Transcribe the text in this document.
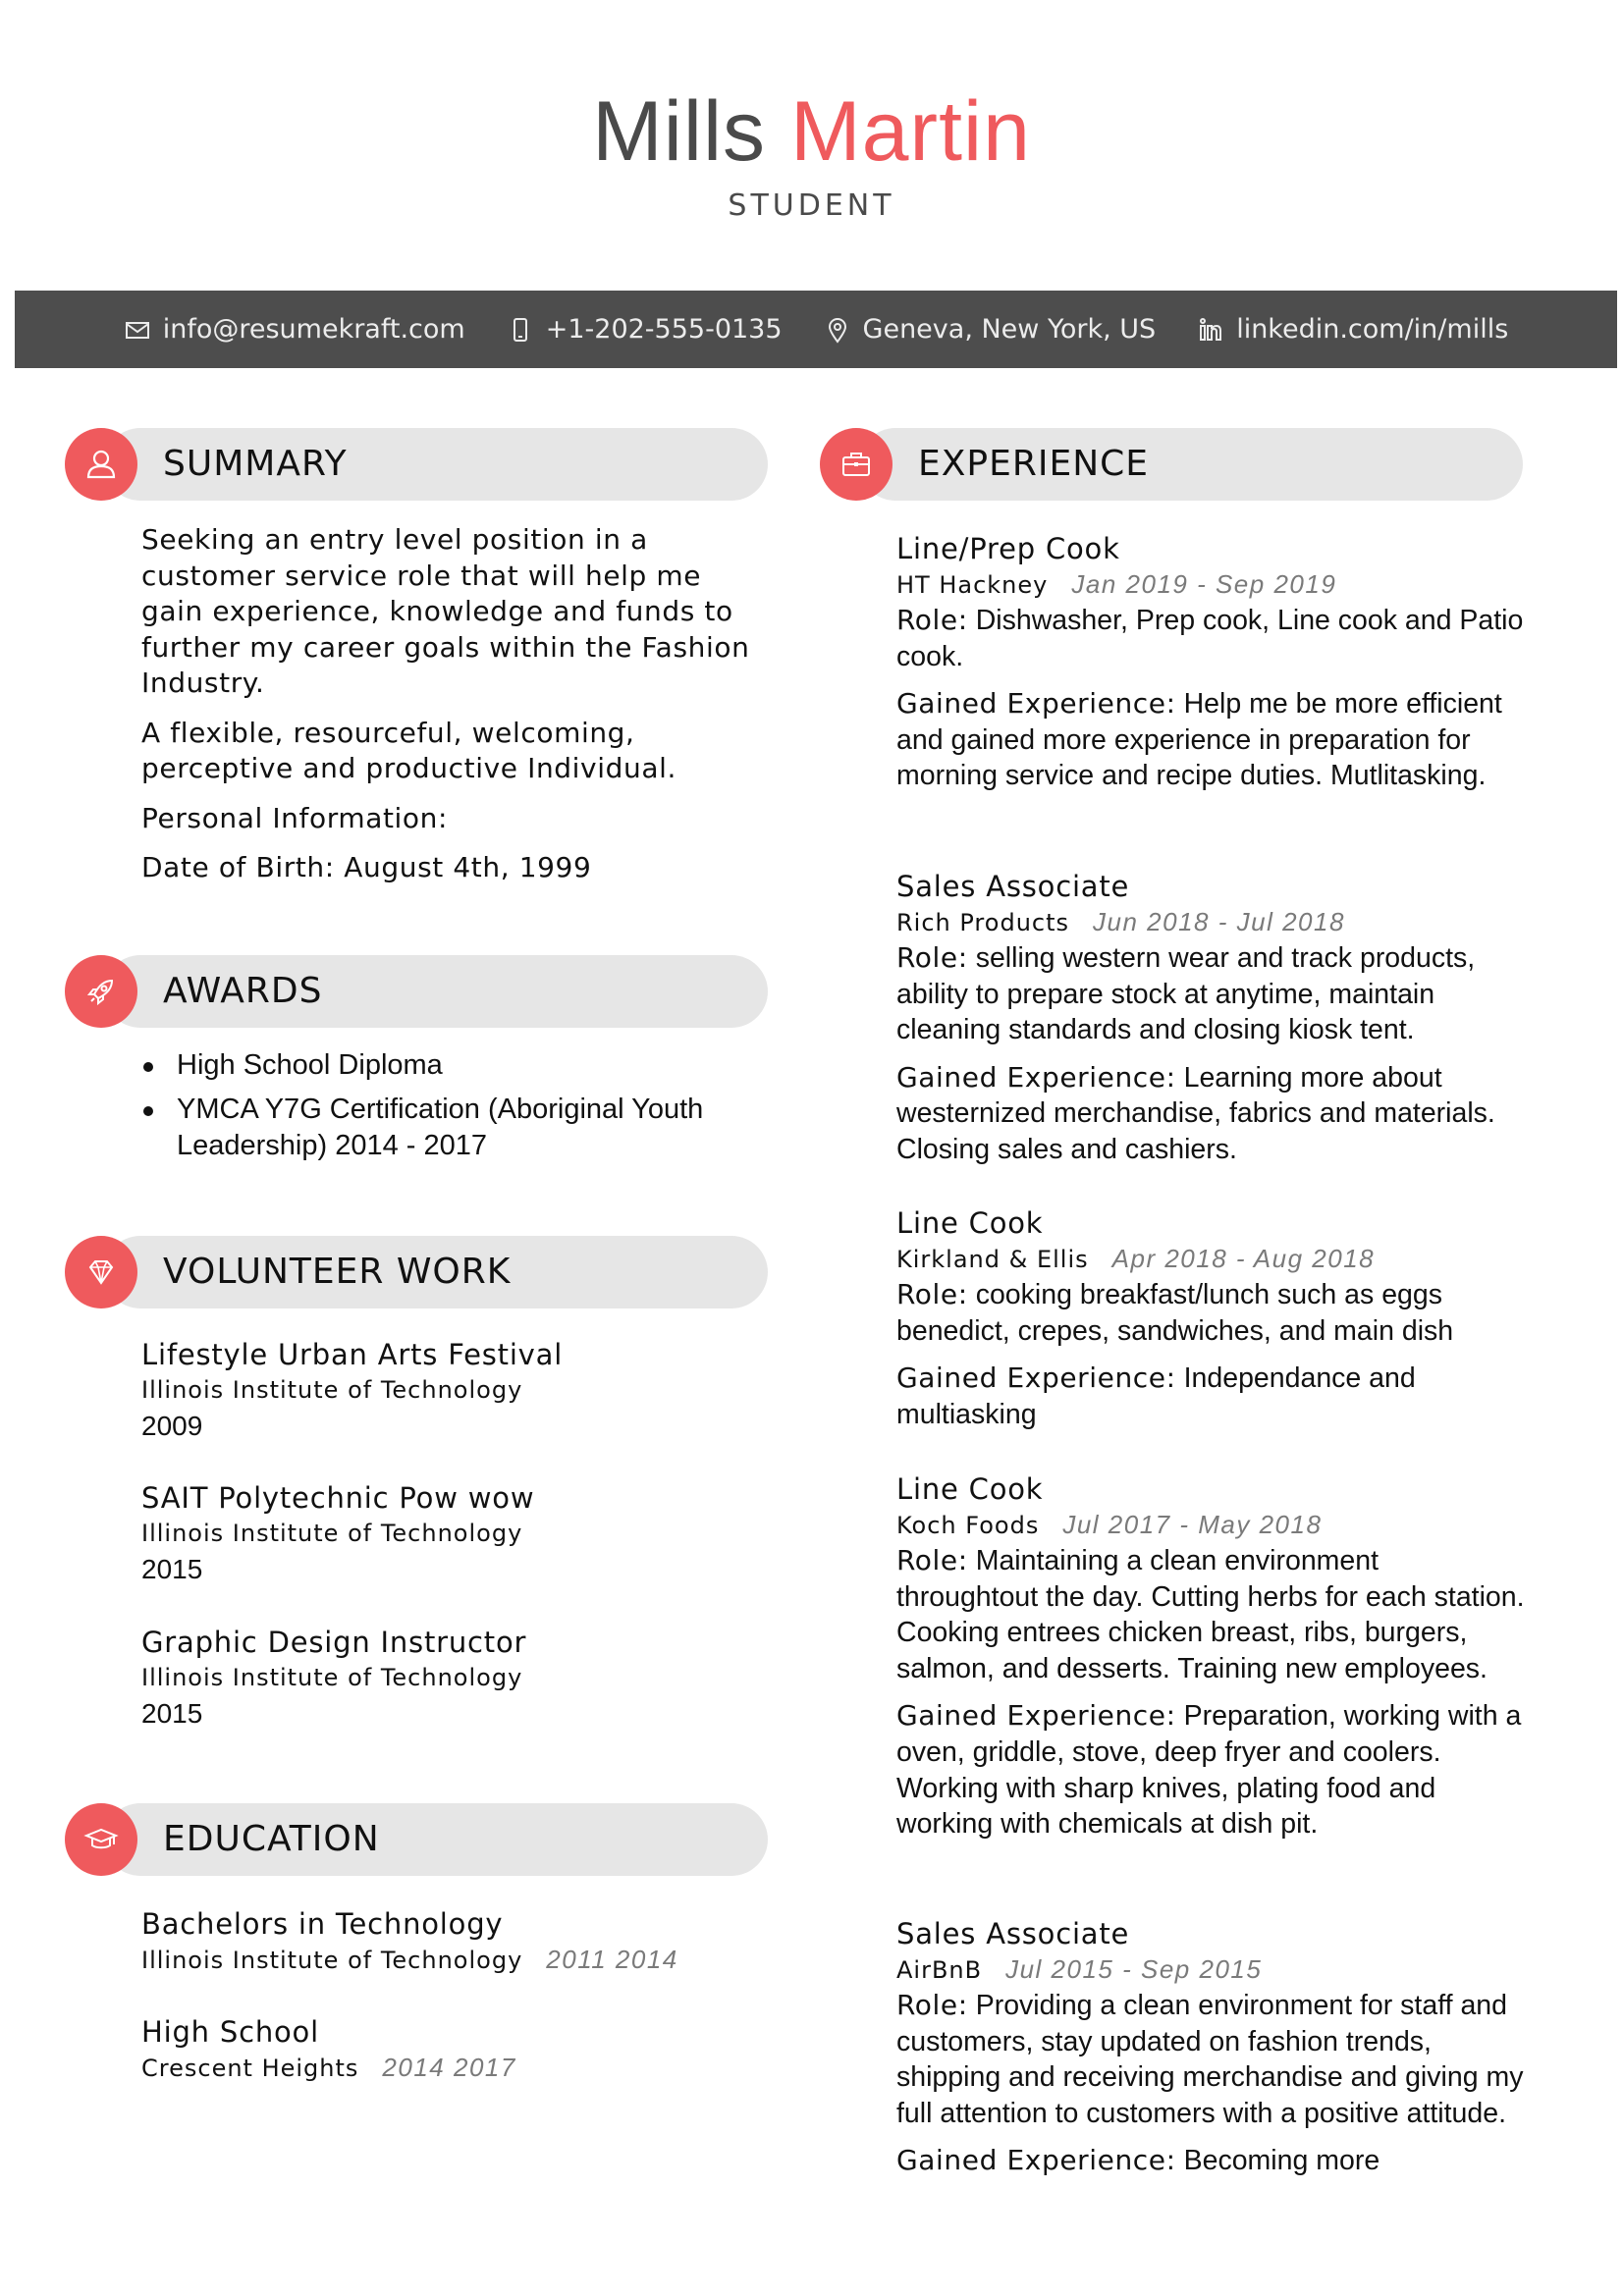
Mills Martin
STUDENT
info@resumekraft.com	+1-202-555-0135	Geneva, New York, US	linkedin.com/in/mills
SUMMARY

Seeking an entry level position in a customer service role that will help me gain experience, knowledge and funds to further my career goals within the Fashion Industry.

A flexible, resourceful, welcoming, perceptive and productive Individual.

Personal Information:

Date of Birth: August 4th, 1999

AWARDS
High School Diploma
YMCA Y7G Certification (Aboriginal Youth Leadership) 2014 - 2017
VOLUNTEER WORK
Lifestyle Urban Arts Festival
Illinois Institute of Technology
2009
SAIT Polytechnic Pow wow
Illinois Institute of Technology
2015
Graphic Design Instructor
Illinois Institute of Technology
2015
EDUCATION
Bachelors in Technology
Illinois Institute of Technology 2011 2014
High School
Crescent Heights 2014 2017
EXPERIENCE
Line/Prep Cook
HT Hackney Jan 2019 - Sep 2019

Role: Dishwasher, Prep cook, Line cook and Patio cook.

Gained Experience: Help me be more efficient and gained more experience in preparation for morning service and recipe duties. Mutlitasking.

Sales Associate
Rich Products Jun 2018 - Jul 2018

Role: selling western wear and track products, ability to prepare stock at anytime, maintain cleaning standards and closing kiosk tent.

Gained Experience: Learning more about westernized merchandise, fabrics and materials. Closing sales and cashiers.

Line Cook
Kirkland & Ellis Apr 2018 - Aug 2018

Role: cooking breakfast/lunch such as eggs benedict, crepes, sandwiches, and main dish

Gained Experience: Independance and multiasking

Line Cook
Koch Foods Jul 2017 - May 2018

Role: Maintaining a clean environment throughtout the day. Cutting herbs for each station. Cooking entrees chicken breast, ribs, burgers, salmon, and desserts. Training new employees.

Gained Experience: Preparation, working with a oven, griddle, stove, deep fryer and coolers. Working with sharp knives, plating food and working with chemicals at dish pit.

Sales Associate
AirBnB Jul 2015 - Sep 2015

Role: Providing a clean environment for staff and customers, stay updated on fashion trends, shipping and receiving merchandise and giving my full attention to customers with a positive attitude.

Gained Experience: Becoming more
